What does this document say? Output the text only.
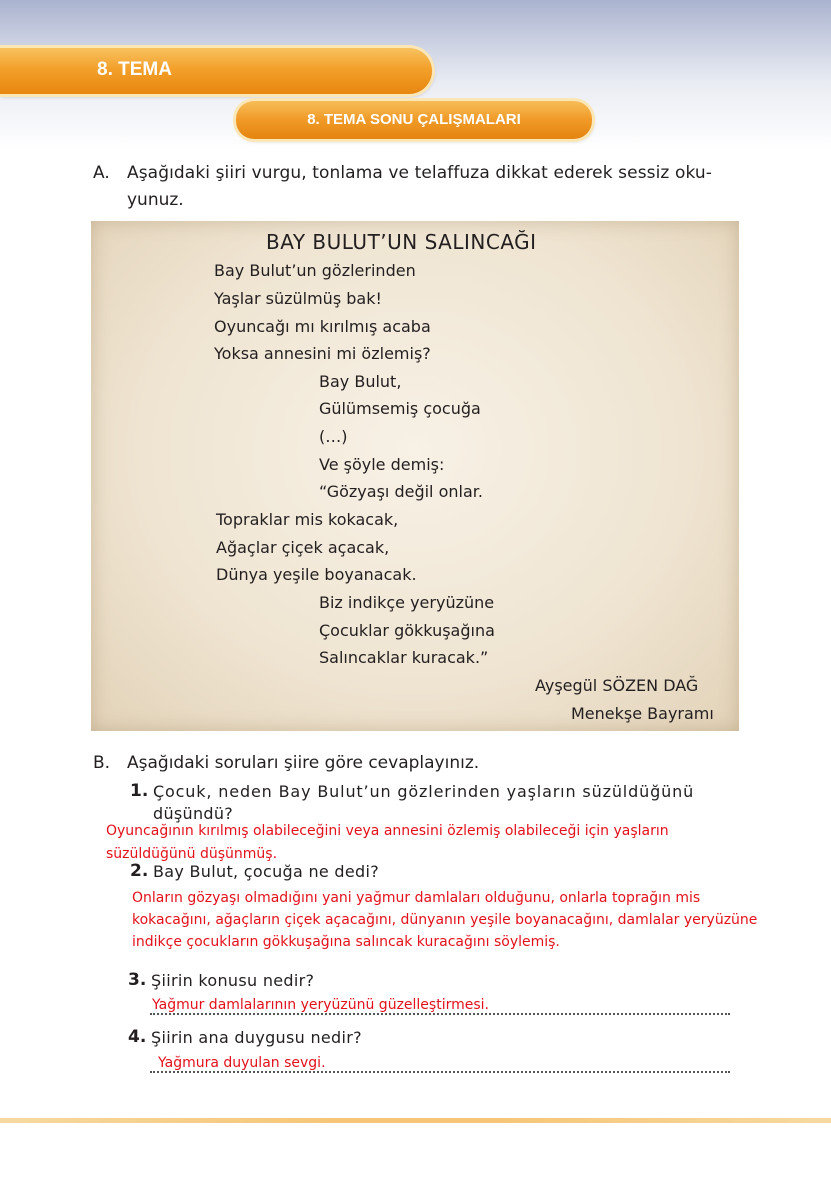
8. TEMA
8. TEMA SONU ÇALIŞMALARI
A. Aşağıdaki şiiri vurgu, tonlama ve telaffuza dikkat ederek sessiz oku-
yunuz.
BAY BULUT’UN SALINCAĞI
Bay Bulut’un gözlerinden
Yaşlar süzülmüş bak!
Oyuncağı mı kırılmış acaba
Yoksa annesini mi özlemiş?
Bay Bulut,
Gülümsemiş çocuğa
(…)
Ve şöyle demiş:
“Gözyaşı değil onlar.
Topraklar mis kokacak,
Ağaçlar çiçek açacak,
Dünya yeşile boyanacak.
Biz indikçe yeryüzüne
Çocuklar gökkuşağına
Salıncaklar kuracak.”
Ayşegül SÖZEN DAĞ
Menekşe Bayramı
B. Aşağıdaki soruları şiire göre cevaplayınız.
1. Çocuk, neden Bay Bulut’un gözlerinden yaşların süzüldüğünü
düşündü?
Oyuncağının kırılmış olabileceğini veya annesini özlemiş olabileceği için yaşların
süzüldüğünü düşünmüş.
2. Bay Bulut, çocuğa ne dedi?
Onların gözyaşı olmadığını yani yağmur damlaları olduğunu, onlarla toprağın mis
kokacağını, ağaçların çiçek açacağını, dünyanın yeşile boyanacağını, damlalar yeryüzüne
indikçe çocukların gökkuşağına salıncak kuracağını söylemiş.
3. Şiirin konusu nedir?
Yağmur damlalarının yeryüzünü güzelleştirmesi.
4. Şiirin ana duygusu nedir?
Yağmura duyulan sevgi.
